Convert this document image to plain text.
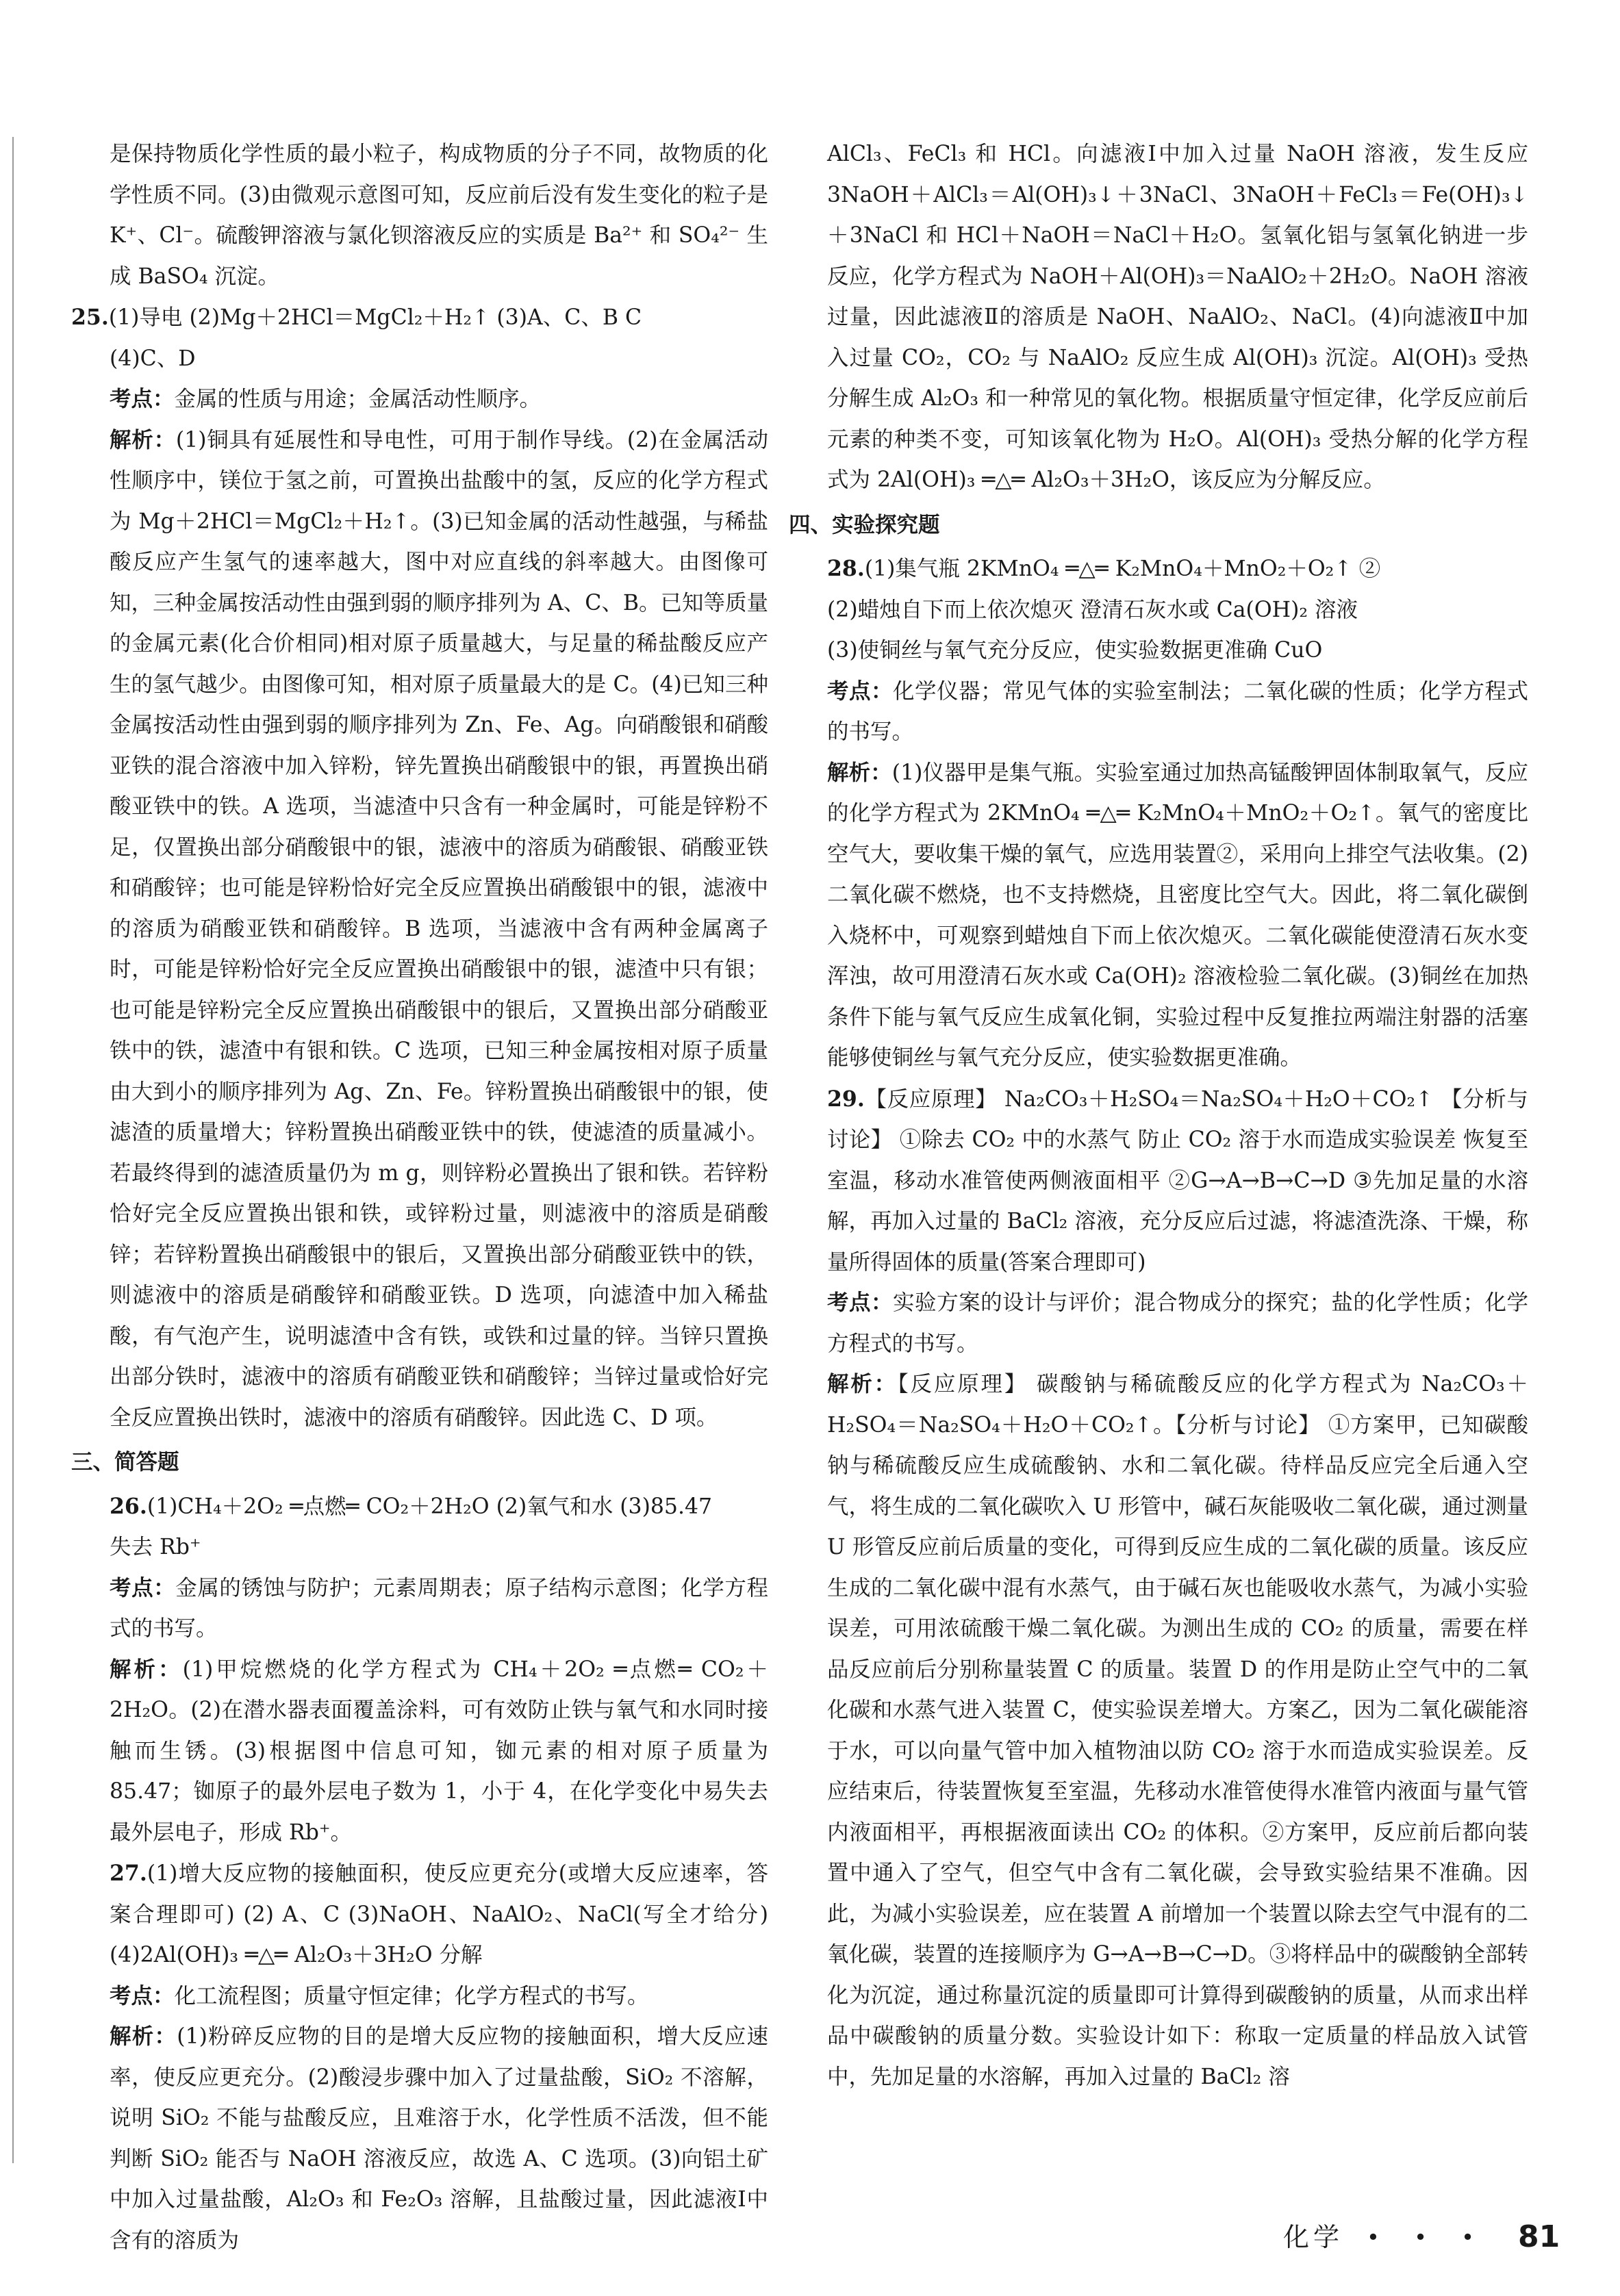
是保持物质化学性质的最小粒子，构成物质的分子不同，故物质的化学性质不同。(3)由微观示意图可知，反应前后没有发生变化的粒子是 K⁺、Cl⁻。硫酸钾溶液与氯化钡溶液反应的实质是 Ba²⁺ 和 SO₄²⁻ 生成 BaSO₄ 沉淀。

25.(1)导电 (2)Mg＋2HCl＝MgCl₂＋H₂↑ (3)A、C、B C

(4)C、D

考点：金属的性质与用途；金属活动性顺序。

解析：(1)铜具有延展性和导电性，可用于制作导线。(2)在金属活动性顺序中，镁位于氢之前，可置换出盐酸中的氢，反应的化学方程式为 Mg＋2HCl＝MgCl₂＋H₂↑。(3)已知金属的活动性越强，与稀盐酸反应产生氢气的速率越大，图中对应直线的斜率越大。由图像可知，三种金属按活动性由强到弱的顺序排列为 A、C、B。已知等质量的金属元素(化合价相同)相对原子质量越大，与足量的稀盐酸反应产生的氢气越少。由图像可知，相对原子质量最大的是 C。(4)已知三种金属按活动性由强到弱的顺序排列为 Zn、Fe、Ag。向硝酸银和硝酸亚铁的混合溶液中加入锌粉，锌先置换出硝酸银中的银，再置换出硝酸亚铁中的铁。A 选项，当滤渣中只含有一种金属时，可能是锌粉不足，仅置换出部分硝酸银中的银，滤液中的溶质为硝酸银、硝酸亚铁和硝酸锌；也可能是锌粉恰好完全反应置换出硝酸银中的银，滤液中的溶质为硝酸亚铁和硝酸锌。B 选项，当滤液中含有两种金属离子时，可能是锌粉恰好完全反应置换出硝酸银中的银，滤渣中只有银；也可能是锌粉完全反应置换出硝酸银中的银后，又置换出部分硝酸亚铁中的铁，滤渣中有银和铁。C 选项，已知三种金属按相对原子质量由大到小的顺序排列为 Ag、Zn、Fe。锌粉置换出硝酸银中的银，使滤渣的质量增大；锌粉置换出硝酸亚铁中的铁，使滤渣的质量减小。若最终得到的滤渣质量仍为 m g，则锌粉必置换出了银和铁。若锌粉恰好完全反应置换出银和铁，或锌粉过量，则滤液中的溶质是硝酸锌；若锌粉置换出硝酸银中的银后，又置换出部分硝酸亚铁中的铁，则滤液中的溶质是硝酸锌和硝酸亚铁。D 选项，向滤渣中加入稀盐酸，有气泡产生，说明滤渣中含有铁，或铁和过量的锌。当锌只置换出部分铁时，滤液中的溶质有硝酸亚铁和硝酸锌；当锌过量或恰好完全反应置换出铁时，滤液中的溶质有硝酸锌。因此选 C、D 项。

三、简答题

26.(1)CH₄＋2O₂ ═点燃═ CO₂＋2H₂O (2)氧气和水 (3)85.47

失去 Rb⁺

考点：金属的锈蚀与防护；元素周期表；原子结构示意图；化学方程式的书写。

解析：(1)甲烷燃烧的化学方程式为 CH₄＋2O₂ ═点燃═ CO₂＋2H₂O。(2)在潜水器表面覆盖涂料，可有效防止铁与氧气和水同时接触而生锈。(3)根据图中信息可知，铷元素的相对原子质量为 85.47；铷原子的最外层电子数为 1，小于 4，在化学变化中易失去最外层电子，形成 Rb⁺。

27.(1)增大反应物的接触面积，使反应更充分(或增大反应速率，答案合理即可) (2) A、C (3)NaOH、NaAlO₂、NaCl(写全才给分) (4)2Al(OH)₃ ═△═ Al₂O₃＋3H₂O 分解

考点：化工流程图；质量守恒定律；化学方程式的书写。

解析：(1)粉碎反应物的目的是增大反应物的接触面积，增大反应速率，使反应更充分。(2)酸浸步骤中加入了过量盐酸，SiO₂ 不溶解，说明 SiO₂ 不能与盐酸反应，且难溶于水，化学性质不活泼，但不能判断 SiO₂ 能否与 NaOH 溶液反应，故选 A、C 选项。(3)向铝土矿中加入过量盐酸，Al₂O₃ 和 Fe₂O₃ 溶解，且盐酸过量，因此滤液Ⅰ中含有的溶质为

AlCl₃、FeCl₃ 和 HCl。向滤液Ⅰ中加入过量 NaOH 溶液，发生反应 3NaOH＋AlCl₃＝Al(OH)₃↓＋3NaCl、3NaOH＋FeCl₃＝Fe(OH)₃↓＋3NaCl 和 HCl＋NaOH＝NaCl＋H₂O。氢氧化铝与氢氧化钠进一步反应，化学方程式为 NaOH＋Al(OH)₃＝NaAlO₂＋2H₂O。NaOH 溶液过量，因此滤液Ⅱ的溶质是 NaOH、NaAlO₂、NaCl。(4)向滤液Ⅱ中加入过量 CO₂，CO₂ 与 NaAlO₂ 反应生成 Al(OH)₃ 沉淀。Al(OH)₃ 受热分解生成 Al₂O₃ 和一种常见的氧化物。根据质量守恒定律，化学反应前后元素的种类不变，可知该氧化物为 H₂O。Al(OH)₃ 受热分解的化学方程式为 2Al(OH)₃ ═△═ Al₂O₃＋3H₂O，该反应为分解反应。

四、实验探究题

28.(1)集气瓶 2KMnO₄ ═△═ K₂MnO₄＋MnO₂＋O₂↑ ②

(2)蜡烛自下而上依次熄灭 澄清石灰水或 Ca(OH)₂ 溶液

(3)使铜丝与氧气充分反应，使实验数据更准确 CuO

考点：化学仪器；常见气体的实验室制法；二氧化碳的性质；化学方程式的书写。

解析：(1)仪器甲是集气瓶。实验室通过加热高锰酸钾固体制取氧气，反应的化学方程式为 2KMnO₄ ═△═ K₂MnO₄＋MnO₂＋O₂↑。氧气的密度比空气大，要收集干燥的氧气，应选用装置②，采用向上排空气法收集。(2)二氧化碳不燃烧，也不支持燃烧，且密度比空气大。因此，将二氧化碳倒入烧杯中，可观察到蜡烛自下而上依次熄灭。二氧化碳能使澄清石灰水变浑浊，故可用澄清石灰水或 Ca(OH)₂ 溶液检验二氧化碳。(3)铜丝在加热条件下能与氧气反应生成氧化铜，实验过程中反复推拉两端注射器的活塞能够使铜丝与氧气充分反应，使实验数据更准确。

29.【反应原理】 Na₂CO₃＋H₂SO₄＝Na₂SO₄＋H₂O＋CO₂↑ 【分析与讨论】 ①除去 CO₂ 中的水蒸气 防止 CO₂ 溶于水而造成实验误差 恢复至室温，移动水准管使两侧液面相平 ②G→A→B→C→D ③先加足量的水溶解，再加入过量的 BaCl₂ 溶液，充分反应后过滤，将滤渣洗涤、干燥，称量所得固体的质量(答案合理即可)

考点：实验方案的设计与评价；混合物成分的探究；盐的化学性质；化学方程式的书写。

解析：【反应原理】 碳酸钠与稀硫酸反应的化学方程式为 Na₂CO₃＋H₂SO₄＝Na₂SO₄＋H₂O＋CO₂↑。【分析与讨论】 ①方案甲，已知碳酸钠与稀硫酸反应生成硫酸钠、水和二氧化碳。待样品反应完全后通入空气，将生成的二氧化碳吹入 U 形管中，碱石灰能吸收二氧化碳，通过测量 U 形管反应前后质量的变化，可得到反应生成的二氧化碳的质量。该反应生成的二氧化碳中混有水蒸气，由于碱石灰也能吸收水蒸气，为减小实验误差，可用浓硫酸干燥二氧化碳。为测出生成的 CO₂ 的质量，需要在样品反应前后分别称量装置 C 的质量。装置 D 的作用是防止空气中的二氧化碳和水蒸气进入装置 C，使实验误差增大。方案乙，因为二氧化碳能溶于水，可以向量气管中加入植物油以防 CO₂ 溶于水而造成实验误差。反应结束后，待装置恢复至室温，先移动水准管使得水准管内液面与量气管内液面相平，再根据液面读出 CO₂ 的体积。②方案甲，反应前后都向装置中通入了空气，但空气中含有二氧化碳，会导致实验结果不准确。因此，为减小实验误差，应在装置 A 前增加一个装置以除去空气中混有的二氧化碳，装置的连接顺序为 G→A→B→C→D。③将样品中的碳酸钠全部转化为沉淀，通过称量沉淀的质量即可计算得到碳酸钠的质量，从而求出样品中碳酸钠的质量分数。实验设计如下：称取一定质量的样品放入试管中，先加足量的水溶解，再加入过量的 BaCl₂ 溶

化学 • • • 81
